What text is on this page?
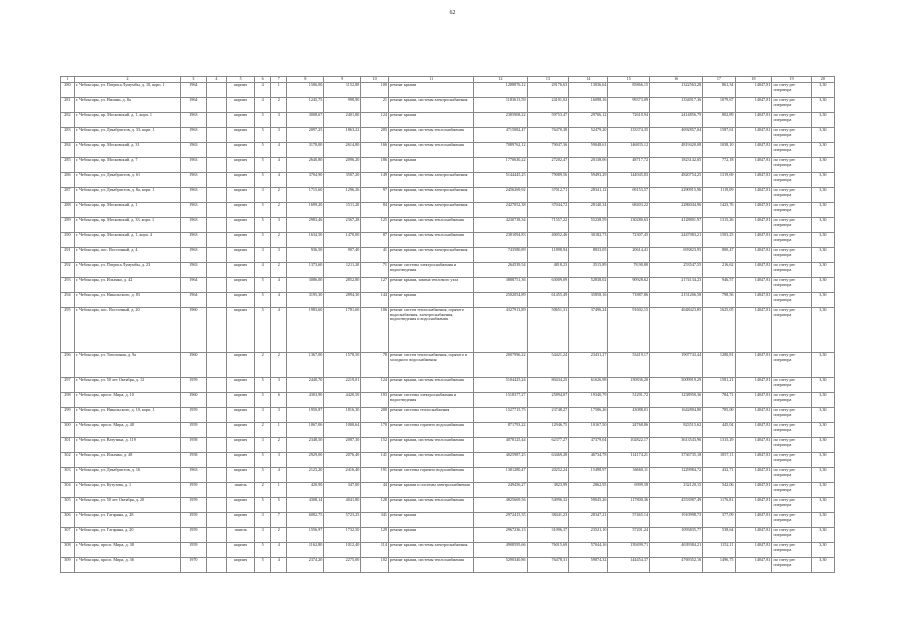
62
1	2	3	4	5	6	7	8	9	10	11	12	13	14	15	16	17	18	19	20
280	г. Чебоксары, ул. Патриса Лумумбы, д. 10, корп. 1	1964		кирпич	4	1	1506,00	1152,80	100	ремонт крыши	1288876,12	29176,63	13036,64	85866,15	1322563,28	861,34	14047,81	по счету рег оператора	3,30
281	г. Чебоксары, ул. Низами, д. 8а	1964		кирпич	4	2	1245,75	998,90	21	ремонт крыши, системы электроснабжения	1183613,59	24101,02	16098,16	99373,09	1334917,36	1079,67	14047,81	по счету рег оператора	3,30
282	г. Чебоксары, пр. Московский, д. 1, корп. 1	1963		кирпич	5	3	3008,67	2401,80	124	ремонт крыши	2385908,22	59753,47	29706,12	72610,94	2414856,79	802,89	14047,81	по счету рег оператора	3,30
283	г. Чебоксары, ул. Декабристов, д. 33, корп. 1	1963		кирпич	5	3	2097,25	1863,22	205	ремонт крыши, системы теплоснабжения	4715082,47	76470,38	52479,20	133374,35	4692857,04	1587,61	14047,81	по счету рег оператора	3,30
284	г. Чебоксары, пр. Московский, д. 31	1963		кирпич	5	4	3178,00	2614,80	166	ремонт крыши, системы теплоснабжения	7089762,12	79047,36	59048,61	146835,12	4819420,08	1038,10	14047,81	по счету рег оператора	3,30
285	г. Чебоксары, пр. Московский, д. 7	1963		кирпич	5	4	2640,80	2096,20	186	ремонт крыши	1770630,22	27202,47	20138,06	48717,72	1823142,05	772,18	14047,81	по счету рег оператора	3,30
286	г. Чебоксары, ул. Декабристов, д. 61	1963		кирпич	5	4	3704,90	3507,20	149	ремонт крыши, системы электроснабжения	5144445,25	79089,56	59493,29	144945,83	4820754,25	1319,69	14047,81	по счету рег оператора	3,30
287	г. Чебоксары, ул. Декабристов, д. 8а, корп. 1	1963		кирпич	3	2	1715,60	1296,26	97	ремонт крыши, системы электроснабжения	2456269,92	37012,71	28341,12	69153,57	2290915,96	1119,09	14047,81	по счету рег оператора	3,30
288	г. Чебоксары, пр. Московский, д. 1	1963		кирпич	5	2	1699,20	1511,20	84	ремонт крыши, системы электроснабжения	2427052,38	37044,72	28140,34	68403,22	2286044,96	1423,76	14047,81	по счету рег оператора	3,30
289	г. Чебоксары, пр. Московский, д. 33, корп. 1	1963		кирпич	5	3	2983,46	2367,28	125	ремонт крыши, системы теплоснабжения	4230718,34	71557,22	55238,59	130280,63	4128801,97	1315,26	14047,81	по счету рег оператора	3,30
290	г. Чебоксары, пр. Московский, д. 1, корп. 4	1963		кирпич	5	2	1634,50	1470,00	87	ремонт крыши, системы теплоснабжения	2381094,83	40052,46	30182,73	72307,45	2447083,21	1503,25	14047,81	по счету рег оператора	3,30
291	г. Чебоксары, пос. Восточный, д. 4	1963		кирпич	3	3	936,50	907,40	41	ремонт крыши, системы электроснабжения	743580,89	11898,94	8833,05	20614,41	693823,95	800,47	14047,81	по счету рег оператора	3,30
292	г. Чебоксары, ул. Патриса Лумумбы, д. 23	1963		кирпич	4	2	1373,60	1211,20	71	ремонт системы электроснабжения и водоотведения	264539,54	4818,23	3515,89	78,90,80	253547,55	216,62	14047,81	по счету рег оператора	3,30
293	г. Чебоксары, ул. Ильенко, д. 42	1964		кирпич	5	4	3086,00	2852,80	127	ремонт крыши, замена теплового узла	3888751,36	63009,09	52838,02	90928,62	2174134,23	946,57	14047,81	по счету рег оператора	3,30
294	г. Чебоксары, ул. Никольского, д. 83	1964		кирпич	5	4	3195,30	2894,30	144	ремонт крыши	2502054,89	61455,49	35858,16	71887,86	2151206,58	798,56	14047,81	по счету рег оператора	3,30
295	г. Чебоксары, пос. Восточный, д. 20	1960		кирпич	5	4	1983,60	1781,60	106	ремонт систем теплоснабжения, горячего водоснабжения, электроснабжения, водоотведения и водоснабжения	4327913,89	50651,31	37496,24	91602,15	4648423,85	1625,05	14047,81	по счету рег оператора	3,30
296	г. Чебоксары, ул. Тополиная, д. 9а	1960		кирпич	2	2	1367,00	1578,50	78	ремонт систем теплоснабжения, горячего и холодного водоснабжения	2007996,22	54421,24	23431,27	53419,17	1907743,44	1280,81	14047,81	по счету рег оператора	3,30
297	г. Чебоксары, ул. 50 лет Октября, д. 12	1959		кирпич	5	3	2440,70	2219,01	124	ремонт крыши, системы теплоснабжения	5104425,24	80434,25	61626,98	150836,20	5009919,29	1581,21	14047,81	по счету рег оператора	3,30
298	г. Чебоксары, просп. Мира, д. 10	1960		кирпич	5	6	4303,90	4420,50	193	ремонт системы электроснабжения и водоотведения	1518377,27	25894,07	19340,79	51291,72	1238950,36	784,71	14047,81	по счету рег оператора	3,30
299	г. Чебоксары, ул. Никольского, д. 10, корп. 1	1959		кирпич	3	3	1950,87	1816,30	200	ремонт системы теплоснабжения	1527715,75	23748,27	17586,26	43088,01	1642804,80	785,00	14047,81	по счету рег оператора	3,30
300	г. Чебоксары, просп. Мира, д. 48	1959		кирпич	2	1	1067,06	1000,64	170	ремонт системы горячего водоснабжения	871793,22	12946,75	10167,50	24768,86	823515,62	445,04	14047,81	по счету рег оператора	3,30
301	г. Чебоксары, ул. Ватутина, д. 119	1958		кирпич	3	2	2348,50	2087,30	152	ремонт крыши, системы теплоснабжения	4078125,44	62377,27	47379,04	102822,17	3613543,96	1315,29	14047,81	по счету рег оператора	3,30
302	г. Чебоксары, ул. Ильенко, д. 48	1958		кирпич	5	3	2929,00	2076,40	141	ремонт крыши, системы теплоснабжения	4025987,25	63469,28	46734,78	114174,21	3736735,18	1057,11	14047,81	по счету рег оператора	3,30
303	г. Чебоксары, ул. Декабристов, д. 16	1963		кирпич	5	4	2123,20	2416,40	191	ремонт системы горячего водоснабжения	1381280,47	20252,24	15498,97	36660,11	1229984,72	432,71	14047,81	по счету рег оператора	3,30
304	г. Чебоксары, ул. Кутузова, д. 1	1959		панель	2	1	420,90	347,00	44	ремонт крыши и системы электроснабжения	249456,27	3823,99	2862,95	6999,58	232120,15	542,06	14047,81	по счету рег оператора	3,30
305	г. Чебоксары, ул. 50 лет Октября, д. 20	1959		кирпич	5	5	4308,14	4041,80	128	ремонт крыши, системы теплоснабжения	4825669,56	54996,32	59045,26	117800,36	4553987,49	1176,81	14047,81	по счету рег оператора	3,30
306	г. Чебоксары, ул. Гагарина, д. 28	1959		кирпич	3	7	6082,75	5723,25	341	ремонт крыши	2972415,35	38441,23	28347,21	57465,14	1910998,73	377,09	14047,81	по счету рег оператора	3,30
307	г. Чебоксары, ул. Гагарина, д. 20	1959		панель	3	2	1556,97	1732,50	129	ремонт крыши	2967236,13	31096,37	23521,10	57201,24	1093835,77	538,64	14047,81	по счету рег оператора	3,30
308	г. Чебоксары, просп. Мира, д. 38	1959		кирпич	5	4	1162,80	1012,40	114	ремонт крыши, системы электроснабжения	4908595,66	76015,69	57044,16	139499,71	4639384,21	1152,11	14047,81	по счету рег оператора	3,30
309	г. Чебоксары, просп. Мира, д. 36	1970		кирпич	5	4	2374,20	2275,00	102	ремонт крыши, системы теплоснабжения	5290340,86	76478,31	59874,32	144454,37	4769352,16	1496,75	14047,81	по счету рег оператора	3,30
